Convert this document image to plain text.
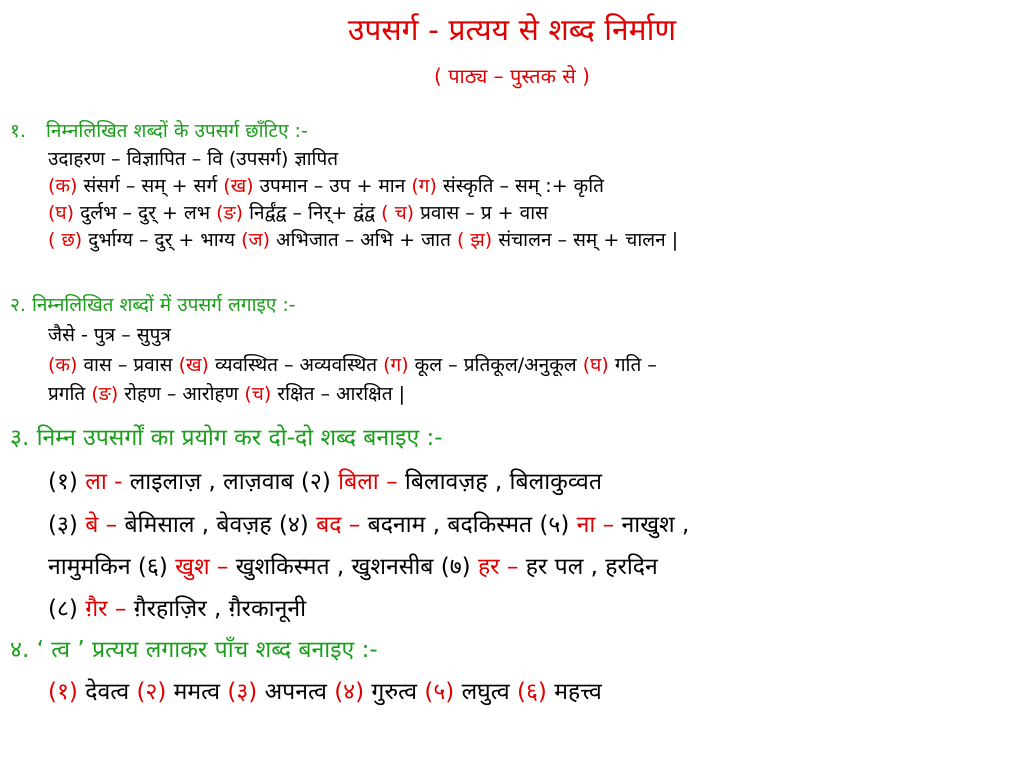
उपसर्ग - प्रत्यय से शब्द निर्माण
( पाठ्य – पुस्तक से )
१. निम्नलिखित शब्दों के उपसर्ग छाँटिए :-
उदाहरण – विज्ञापित – वि (उपसर्ग) ज्ञापित
(क) संसर्ग – सम् + सर्ग (ख) उपमान – उप + मान (ग) संस्कृति – सम् :+ कृति
(घ) दुर्लभ – दुर् + लभ (ङ) निर्द्वंद्व – निर्+ द्वंद्व ( च) प्रवास – प्र + वास
( छ) दुर्भाग्य – दुर् + भाग्य (ज) अभिजात – अभि + जात ( झ) संचालन – सम् + चालन |
२. निम्नलिखित शब्दों में उपसर्ग लगाइए :-
जैसे - पुत्र – सुपुत्र
(क) वास – प्रवास (ख) व्यवस्थित – अव्यवस्थित (ग) कूल – प्रतिकूल/अनुकूल (घ) गति –
प्रगति (ङ) रोहण – आरोहण (च) रक्षित – आरक्षित |
३. निम्न उपसर्गों का प्रयोग कर दो-दो शब्द बनाइए :-
(१) ला - लाइलाज़ , लाज़वाब (२) बिला – बिलावज़ह , बिलाकुव्वत
(३) बे – बेमिसाल , बेवज़ह (४) बद – बदनाम , बदकिस्मत (५) ना – नाखुश ,
नामुमकिन (६) खुश – खुशकिस्मत , खुशनसीब (७) हर – हर पल , हरदिन
(८) ग़ैर – ग़ैरहाज़िर , ग़ैरकानूनी
४. ‘ त्व ’ प्रत्यय लगाकर पाँच शब्द बनाइए :-
(१) देवत्व (२) ममत्व (३) अपनत्व (४) गुरुत्व (५) लघुत्व (६) महत्त्व
